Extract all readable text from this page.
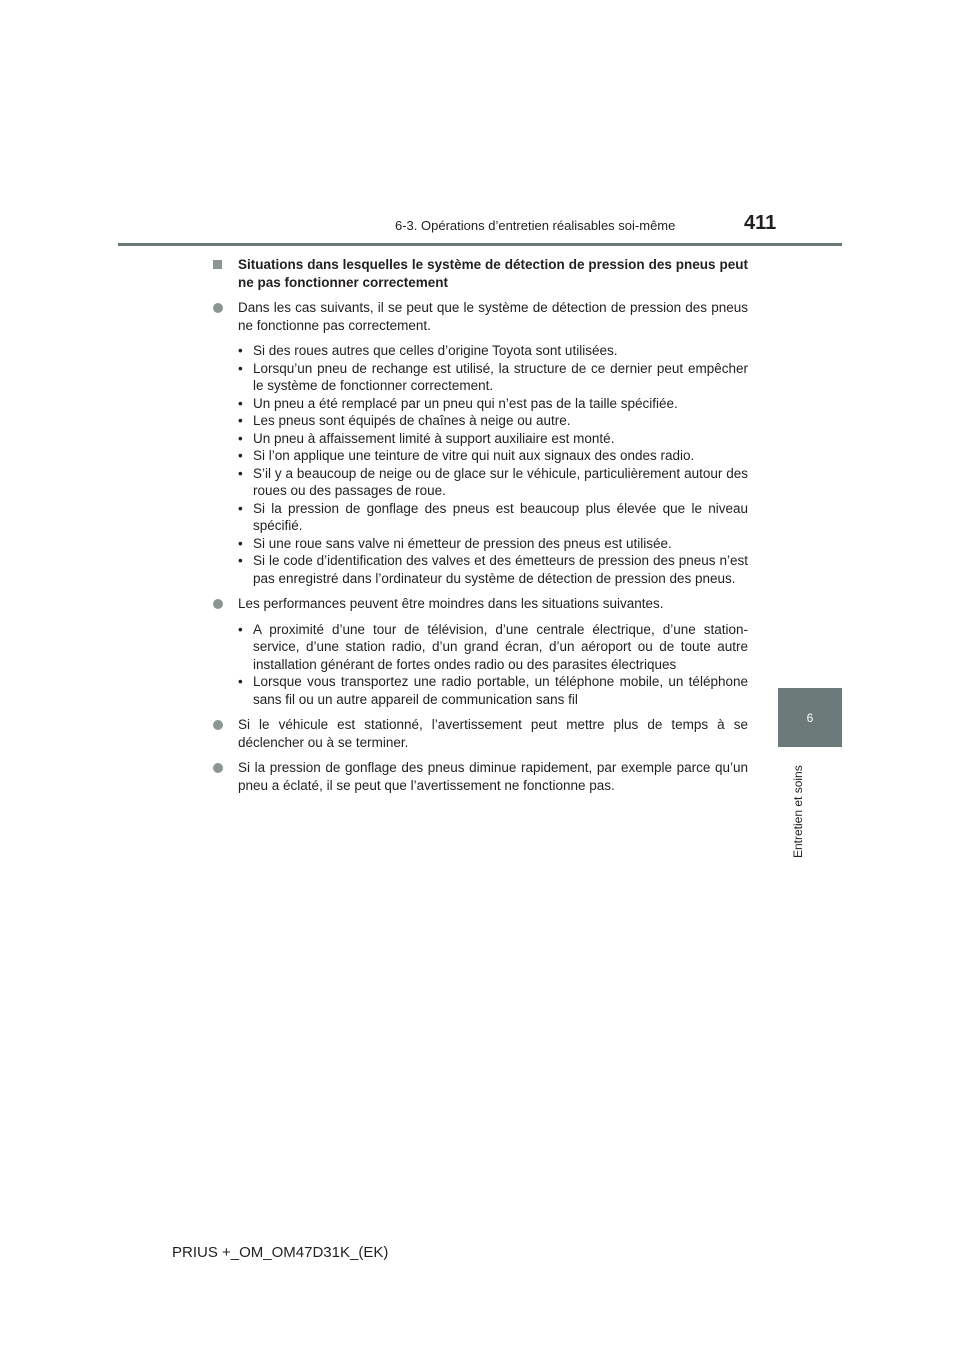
6-3. Opérations d’entretien réalisables soi-même	411
6
Entretien et soins
Situations dans lesquelles le système de détection de pression des pneus peut ne pas fonctionner correctement
Dans les cas suivants, il se peut que le système de détection de pression des pneus ne fonctionne pas correctement.
• Si des roues autres que celles d’origine Toyota sont utilisées.
• Lorsqu’un pneu de rechange est utilisé, la structure de ce dernier peut empêcher le système de fonctionner correctement.
• Un pneu a été remplacé par un pneu qui n’est pas de la taille spécifiée.
• Les pneus sont équipés de chaînes à neige ou autre.
• Un pneu à affaissement limité à support auxiliaire est monté.
• Si l’on applique une teinture de vitre qui nuit aux signaux des ondes radio.
• S’il y a beaucoup de neige ou de glace sur le véhicule, particulièrement autour des roues ou des passages de roue.
• Si la pression de gonflage des pneus est beaucoup plus élevée que le niveau spécifié.
• Si une roue sans valve ni émetteur de pression des pneus est utilisée.
• Si le code d’identification des valves et des émetteurs de pression des pneus n’est pas enregistré dans l’ordinateur du système de détection de pression des pneus.
Les performances peuvent être moindres dans les situations suivantes.
• A proximité d’une tour de télévision, d’une centrale électrique, d’une station-service, d’une station radio, d’un grand écran, d’un aéroport ou de toute autre installation générant de fortes ondes radio ou des parasites électriques
• Lorsque vous transportez une radio portable, un téléphone mobile, un téléphone sans fil ou un autre appareil de communication sans fil
Si le véhicule est stationné, l’avertissement peut mettre plus de temps à se déclencher ou à se terminer.
Si la pression de gonflage des pneus diminue rapidement, par exemple parce qu’un pneu a éclaté, il se peut que l’avertissement ne fonctionne pas.
PRIUS +_OM_OM47D31K_(EK)
